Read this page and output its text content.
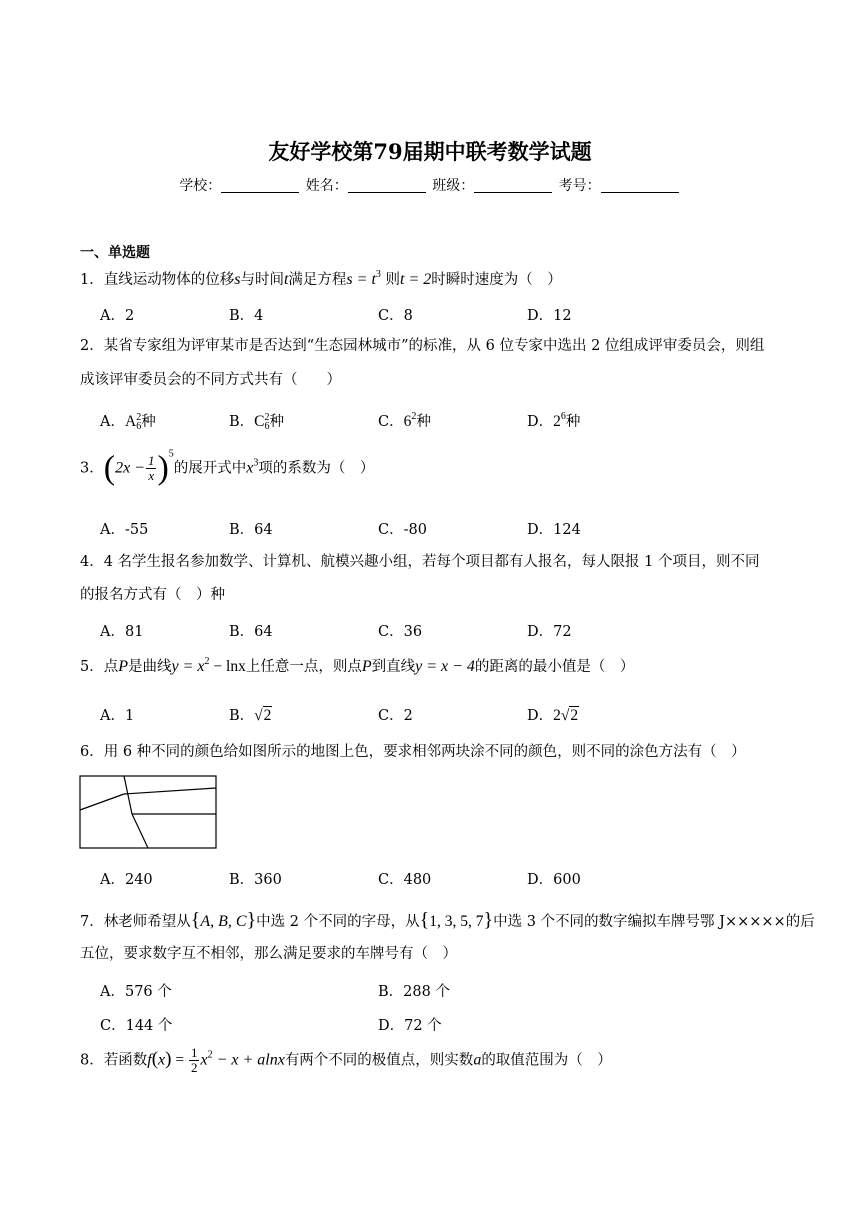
友好学校第79届期中联考数学试题
学校：	姓名：	班级：	考号：
一、单选题
1．直线运动物体的位移s与时间t满足方程$s = t^3$ 则t = 2时瞬时速度为（　）
A．2	B．4	C．8	D．12
2．某省专家组为评审某市是否达到“生态园林城市”的标准，从 6 位专家中选出 2 位组成评审委员会，则组
成该评审委员会的不同方式共有（　　）
A．A 2
6 种	B．C 2
6 种	C．$6^2$种	D．$2^6$种
3．$(2x - \frac{1}{x} )^5$的展开式中$x^3$项的系数为（　）
A．-55	B．64	C．-80	D．124
4．4 名学生报名参加数学、计算机、航模兴趣小组，若每个项目都有人报名，每人限报 1 个项目，则不同
的报名方式有（　）种
A．81	B．64	C．36	D．72
5．点P是曲线$y = x^2 - \ln x$上任意一点，则点P到直线y = x − 4的距离的最小值是（　）
A．1	B．√2	C．2	D．2√2
6．用 6 种不同的颜色给如图所示的地图上色，要求相邻两块涂不同的颜色，则不同的涂色方法有（　）
A．240	B．360	C．480	D．600
7．林老师希望从{A, B, C}中选 2 个不同的字母，从{1, 3, 5, 7}中选 3 个不同的数字编拟车牌号鄂 J×××××的后
五位，要求数字互不相邻，那么满足要求的车牌号有（　）
A．576 个	B．288 个
C．144 个	D．72 个
8．若函数$f(x) = \frac{1}{2} x^2 - x + alnx$有两个不同的极值点，则实数a的取值范围为（　）
